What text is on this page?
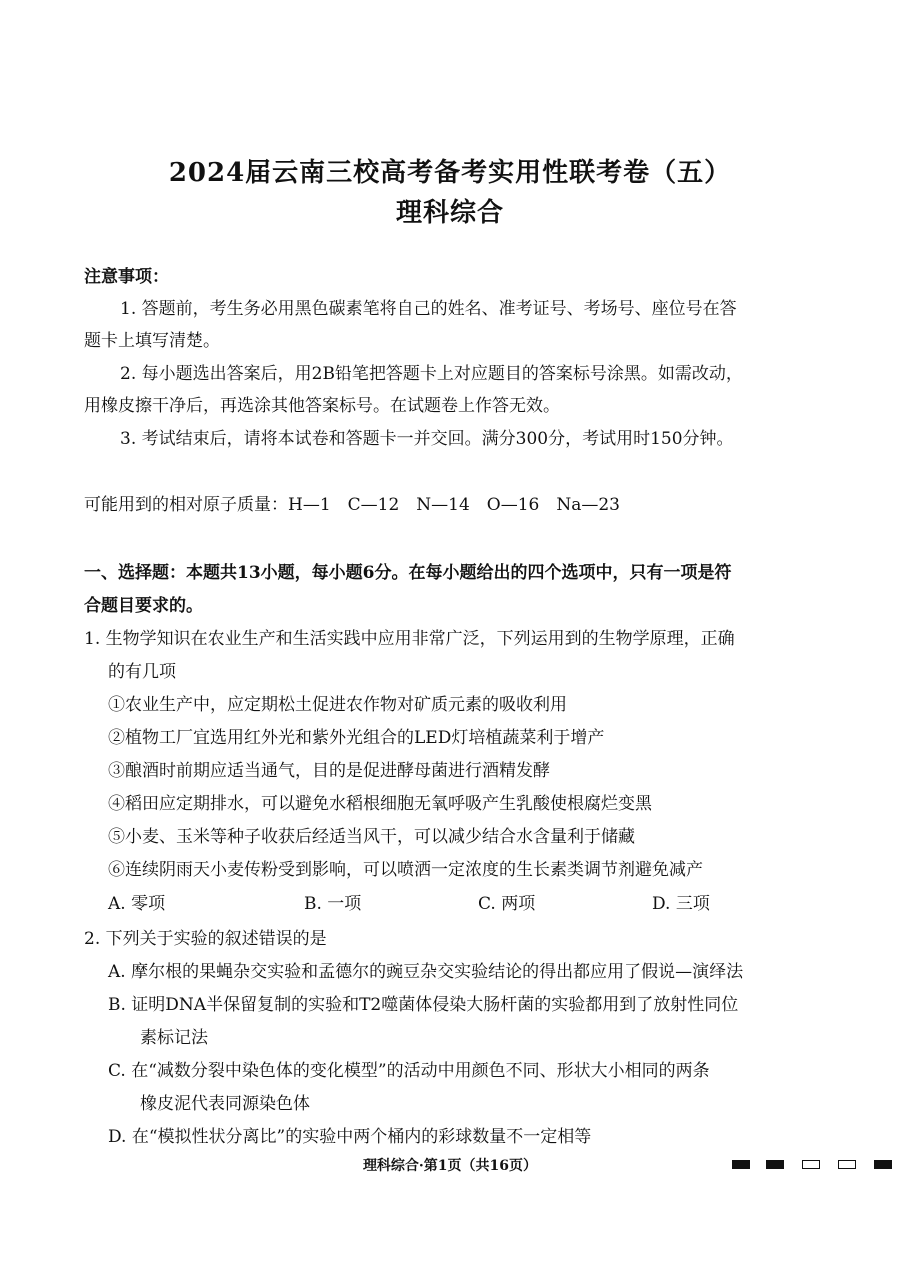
2024届云南三校高考备考实用性联考卷（五）
理科综合
注意事项：
1. 答题前，考生务必用黑色碳素笔将自己的姓名、准考证号、考场号、座位号在答
题卡上填写清楚。
2. 每小题选出答案后，用2B铅笔把答题卡上对应题目的答案标号涂黑。如需改动，
用橡皮擦干净后，再选涂其他答案标号。在试题卷上作答无效。
3. 考试结束后，请将本试卷和答题卡一并交回。满分300分，考试用时150分钟。
可能用到的相对原子质量：H—1　C—12　N—14　O—16　Na—23
一、选择题：本题共13小题，每小题6分。在每小题给出的四个选项中，只有一项是符
合题目要求的。
1. 生物学知识在农业生产和生活实践中应用非常广泛，下列运用到的生物学原理，正确
的有几项
①农业生产中，应定期松土促进农作物对矿质元素的吸收利用
②植物工厂宜选用红外光和紫外光组合的LED灯培植蔬菜利于增产
③酿酒时前期应适当通气，目的是促进酵母菌进行酒精发酵
④稻田应定期排水，可以避免水稻根细胞无氧呼吸产生乳酸使根腐烂变黑
⑤小麦、玉米等种子收获后经适当风干，可以减少结合水含量利于储藏
⑥连续阴雨天小麦传粉受到影响，可以喷洒一定浓度的生长素类调节剂避免减产
A. 零项	B. 一项	C. 两项	D. 三项
2. 下列关于实验的叙述错误的是
A. 摩尔根的果蝇杂交实验和孟德尔的豌豆杂交实验结论的得出都应用了假说—演绎法
B. 证明DNA半保留复制的实验和T2噬菌体侵染大肠杆菌的实验都用到了放射性同位
素标记法
C. 在“减数分裂中染色体的变化模型”的活动中用颜色不同、形状大小相同的两条
橡皮泥代表同源染色体
D. 在“模拟性状分离比”的实验中两个桶内的彩球数量不一定相等
理科综合·第1页（共16页）
